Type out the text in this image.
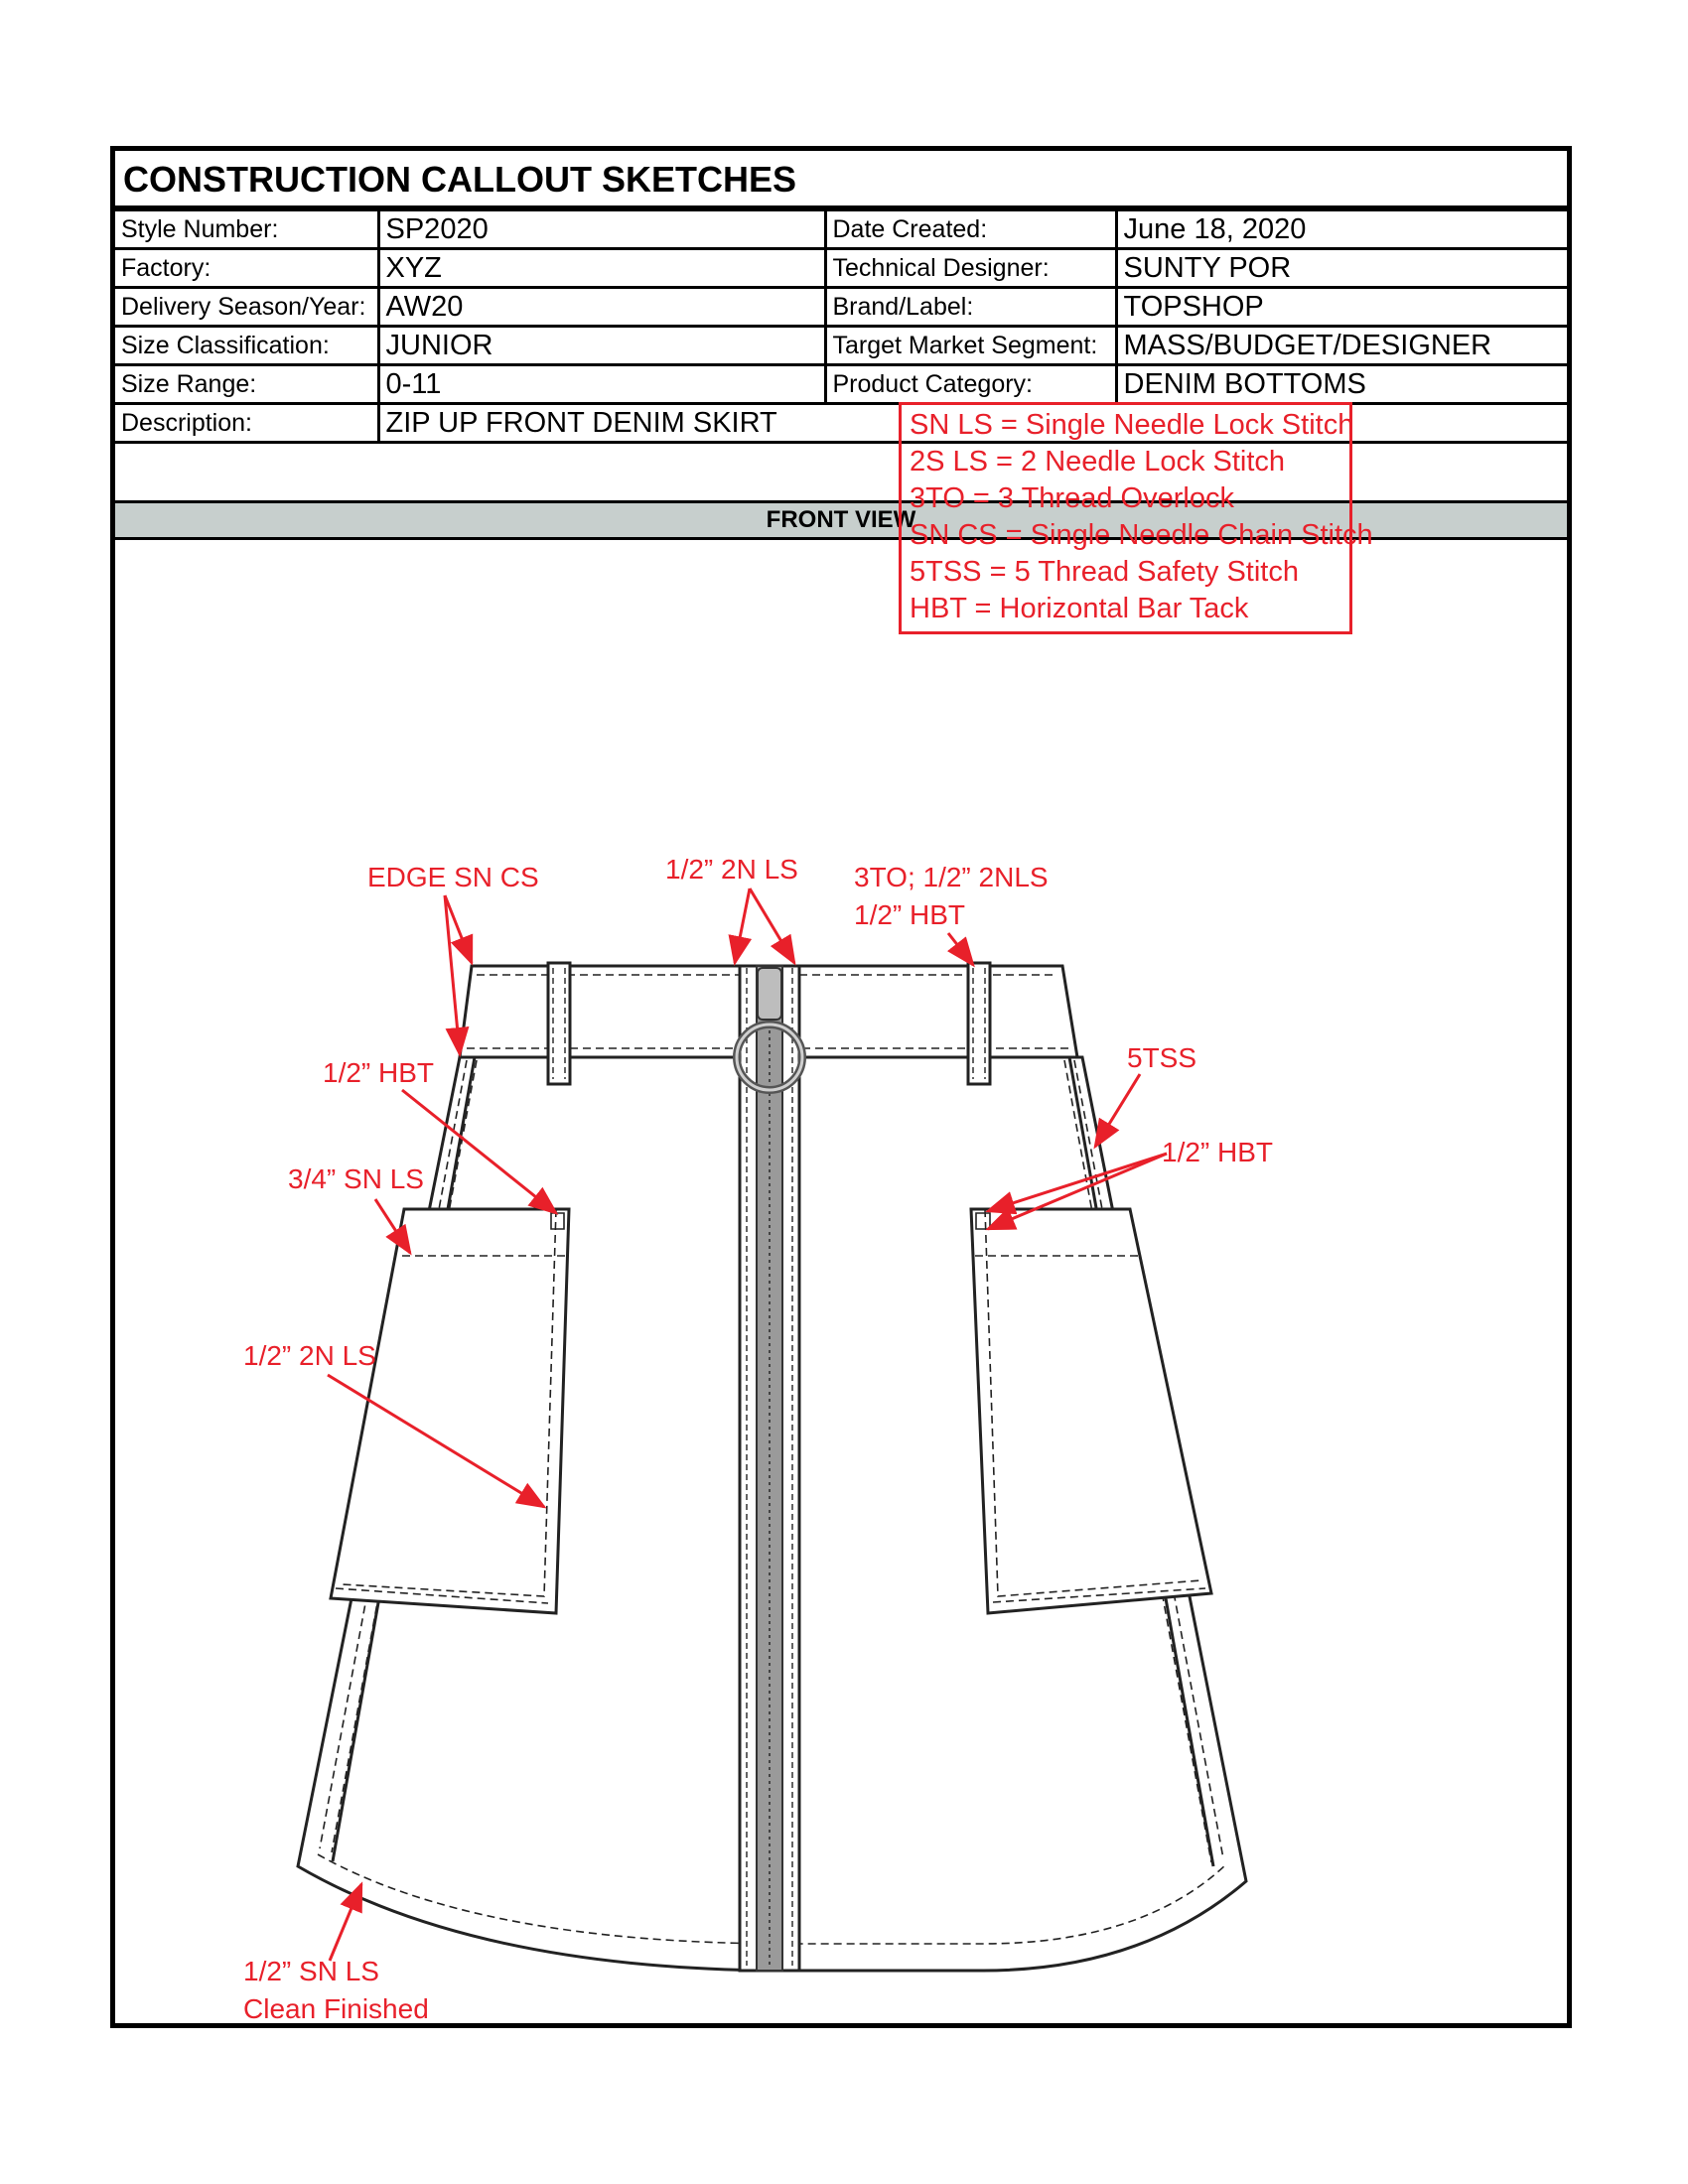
CONSTRUCTION CALLOUT SKETCHES
Style Number:	SP2020	Date Created:	June 18, 2020
Factory:	XYZ	Technical Designer:	SUNTY POR
Delivery Season/Year:	AW20	Brand/Label:	TOPSHOP
Size Classification:	JUNIOR	Target Market Segment:	MASS/BUDGET/DESIGNER
Size Range:	0-11	Product Category:	DENIM BOTTOMS
Description:	ZIP UP FRONT DENIM SKIRT		
FRONT VIEW
SN LS = Single Needle Lock Stitch
2S LS = 2 Needle Lock Stitch
3TO = 3 Thread Overlock
SN CS = Single Needle Chain Stitch
5TSS = 5 Thread Safety Stitch
HBT = Horizontal Bar Tack
EDGE SN CS	1/2” 2N LS 3TO; 1/2” 2NLS
1/2” HBT
1/2” HBT	5TSS
1/2” HBT
3/4” SN LS
1/2” 2N LS
1/2” SN LS
Clean Finished
